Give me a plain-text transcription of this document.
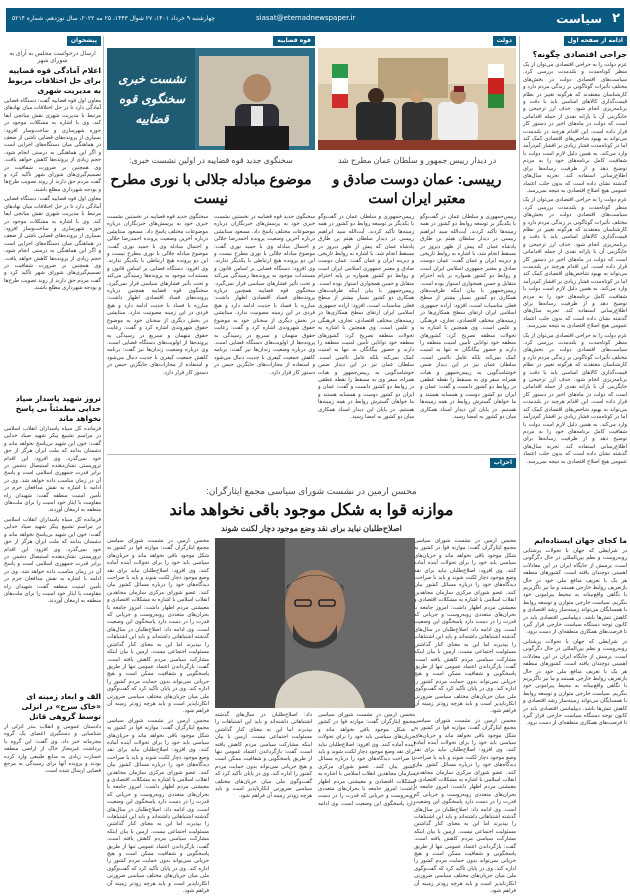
۲
سیاست
siasat@etemadnewspaper.ir
چهارشنبه ۹ خرداد ۱۴۰۱، ۲۷ شوال ۱۴۴۳، ۲۵ مه ۲۰۲۲، سال نوزدهم، شماره ۵۲۱۴
ادامه از صفحه اول
جراحی اقتصادی چگونه؟

عزم دولت را به جراحی اقتصادی می‌توان از یک منظر کوتاه‌مدت و بلندمدت بررسی کرد. سیاست‌های اقتصادی دولت در بخش‌های مختلف تأثیرات گوناگونی بر زندگی مردم دارد و کارشناسان معتقدند که هرگونه تغییر در نظام قیمت‌گذاری کالاهای اساسی باید با دقت و برنامه‌ریزی انجام شود. حذف ارز ترجیحی و جایگزینی آن با یارانه نقدی از جمله اقداماتی است که دولت در ماه‌های اخیر در دستور کار قرار داده است. این اقدام هرچند در بلندمدت می‌تواند به بهبود شاخص‌های اقتصادی کمک کند اما در کوتاه‌مدت فشار زیادی بر اقشار کم‌درآمد وارد می‌کند. به همین دلیل لازم است دولت با شفافیت کامل برنامه‌های خود را به مردم توضیح دهد و از ظرفیت رسانه‌ها برای اطلاع‌رسانی استفاده کند. تجربه سال‌های گذشته نشان داده است که بدون جلب اعتماد عمومی هیچ اصلاح اقتصادی به نتیجه نمی‌رسد.

عزم دولت را به جراحی اقتصادی می‌توان از یک منظر کوتاه‌مدت و بلندمدت بررسی کرد. سیاست‌های اقتصادی دولت در بخش‌های مختلف تأثیرات گوناگونی بر زندگی مردم دارد و کارشناسان معتقدند که هرگونه تغییر در نظام قیمت‌گذاری کالاهای اساسی باید با دقت و برنامه‌ریزی انجام شود. حذف ارز ترجیحی و جایگزینی آن با یارانه نقدی از جمله اقداماتی است که دولت در ماه‌های اخیر در دستور کار قرار داده است. این اقدام هرچند در بلندمدت می‌تواند به بهبود شاخص‌های اقتصادی کمک کند اما در کوتاه‌مدت فشار زیادی بر اقشار کم‌درآمد وارد می‌کند. به همین دلیل لازم است دولت با شفافیت کامل برنامه‌های خود را به مردم توضیح دهد و از ظرفیت رسانه‌ها برای اطلاع‌رسانی استفاده کند. تجربه سال‌های گذشته نشان داده است که بدون جلب اعتماد عمومی هیچ اصلاح اقتصادی به نتیجه نمی‌رسد.

عزم دولت را به جراحی اقتصادی می‌توان از یک منظر کوتاه‌مدت و بلندمدت بررسی کرد. سیاست‌های اقتصادی دولت در بخش‌های مختلف تأثیرات گوناگونی بر زندگی مردم دارد و کارشناسان معتقدند که هرگونه تغییر در نظام قیمت‌گذاری کالاهای اساسی باید با دقت و برنامه‌ریزی انجام شود. حذف ارز ترجیحی و جایگزینی آن با یارانه نقدی از جمله اقداماتی است که دولت در ماه‌های اخیر در دستور کار قرار داده است. این اقدام هرچند در بلندمدت می‌تواند به بهبود شاخص‌های اقتصادی کمک کند اما در کوتاه‌مدت فشار زیادی بر اقشار کم‌درآمد وارد می‌کند. به همین دلیل لازم است دولت با شفافیت کامل برنامه‌های خود را به مردم توضیح دهد و از ظرفیت رسانه‌ها برای اطلاع‌رسانی استفاده کند. تجربه سال‌های گذشته نشان داده است که بدون جلب اعتماد عمومی هیچ اصلاح اقتصادی به نتیجه نمی‌رسد.

ما کجای جهان ایستاده‌ایم

در شرایطی که جهان با تحولات پرشتابی روبه‌روست و نظم بین‌المللی در حال دگرگونی است، پرسش از جایگاه ایران در این معادلات اهمیتی دوچندان یافته است. کشورهای منطقه هر یک با تعریف منافع ملی خود در حال بازتعریف روابط خارجی هستند و ما نیز ناگزیریم با نگاهی واقع‌بینانه به محیط پیرامونی خود بنگریم. سیاست خارجی متوازن و توسعه روابط با همسایگان می‌تواند زمینه‌ساز رشد اقتصادی و کاهش تنش‌ها باشد. دیپلماسی اقتصادی باید در کانون توجه دستگاه سیاست خارجی قرار گیرد تا فرصت‌های همکاری منطقه‌ای از دست نرود.

در شرایطی که جهان با تحولات پرشتابی روبه‌روست و نظم بین‌المللی در حال دگرگونی است، پرسش از جایگاه ایران در این معادلات اهمیتی دوچندان یافته است. کشورهای منطقه هر یک با تعریف منافع ملی خود در حال بازتعریف روابط خارجی هستند و ما نیز ناگزیریم با نگاهی واقع‌بینانه به محیط پیرامونی خود بنگریم. سیاست خارجی متوازن و توسعه روابط با همسایگان می‌تواند زمینه‌ساز رشد اقتصادی و کاهش تنش‌ها باشد. دیپلماسی اقتصادی باید در کانون توجه دستگاه سیاست خارجی قرار گیرد تا فرصت‌های همکاری منطقه‌ای از دست نرود.

دولت
در دیدار رییس جمهور و سلطان عمان مطرح شد
رییسی: عمان دوست صادق و معتبر ایران است

رییس‌جمهوری و سلطان عمان در گفت‌وگو با یکدیگر بر توسعه روابط دو کشور در همه زمینه‌ها تأکید کردند. آیت‌الله سید ابراهیم رییسی در دیدار سلطان هیثم بن طارق پادشاه عمان که پیش از ظهر دیروز در مسقط انجام شد، با اشاره به روابط تاریخی و دیرینه ایران و عمان گفت: عمان دوست صادق و معتبر جمهوری اسلامی ایران است و روابط دو کشور همواره بر پایه احترام متقابل و حسن همجواری استوار بوده است. رییس‌جمهور با بیان اینکه ظرفیت‌های همکاری دو کشور بسیار بیشتر از سطح فعلی مناسبات است، افزود: اراده جمهوری اسلامی ایران ارتقای سطح همکاری‌ها در زمینه‌های مختلف اقتصادی، تجاری، فرهنگی و علمی است. وی همچنین با اشاره به تحولات منطقه تصریح کرد: کشورهای منطقه خود توانایی تأمین امنیت منطقه را دارند و حضور بیگانگان نه تنها به امنیت کمک نمی‌کند بلکه عامل ناامنی است. سلطان عمان نیز در این دیدار ضمن خوشامدگویی به رییس‌جمهور و هیات همراه، سفر وی به مسقط را نقطه عطفی در روابط دو کشور دانست و گفت: عمان و ایران دو کشور دوست و همسایه هستند و ما خواهان گسترش روابط در همه زمینه‌ها هستیم. در پایان این دیدار اسناد همکاری میان دو کشور به امضا رسید.

رییس‌جمهوری و سلطان عمان در گفت‌وگو با یکدیگر بر توسعه روابط دو کشور در همه زمینه‌ها تأکید کردند. آیت‌الله سید ابراهیم رییسی در دیدار سلطان هیثم بن طارق پادشاه عمان که پیش از ظهر دیروز در مسقط انجام شد، با اشاره به روابط تاریخی و دیرینه ایران و عمان گفت: عمان دوست صادق و معتبر جمهوری اسلامی ایران است و روابط دو کشور همواره بر پایه احترام متقابل و حسن همجواری استوار بوده است. رییس‌جمهور با بیان اینکه ظرفیت‌های همکاری دو کشور بسیار بیشتر از سطح فعلی مناسبات است، افزود: اراده جمهوری اسلامی ایران ارتقای سطح همکاری‌ها در زمینه‌های مختلف اقتصادی، تجاری، فرهنگی و علمی است. وی همچنین با اشاره به تحولات منطقه تصریح کرد: کشورهای منطقه خود توانایی تأمین امنیت منطقه را دارند و حضور بیگانگان نه تنها به امنیت کمک نمی‌کند بلکه عامل ناامنی است. سلطان عمان نیز در این دیدار ضمن خوشامدگویی به رییس‌جمهور و هیات همراه، سفر وی به مسقط را نقطه عطفی در روابط دو کشور دانست و گفت: عمان و ایران دو کشور دوست و همسایه هستند و ما خواهان گسترش روابط در همه زمینه‌ها هستیم. در پایان این دیدار اسناد همکاری میان دو کشور به امضا رسید.

قوه قضاییه
نشست خبری سخنگوی قوه قضاییه
سخنگوی جدید قوه قضاییه در اولین نشست خبری:
موضوع مبادله جلالی با نوری مطرح نیست

سخنگوی جدید قوه قضاییه در نخستین نشست خبری خود به پرسش‌های خبرنگاران درباره موضوعات مختلف پاسخ داد. مسعود ستایشی درباره آخرین وضعیت پرونده احمدرضا جلالی و احتمال مبادله وی با حمید نوری گفت: موضوع مبادله جلالی با نوری مطرح نیست و این دو پرونده هیچ ارتباطی با یکدیگر ندارند. وی افزود: دستگاه قضایی بر اساس قانون و مستندات موجود به پرونده‌ها رسیدگی می‌کند و تحت تأثیر فشارهای سیاسی قرار نمی‌گیرد. سخنگوی قوه قضاییه همچنین درباره پرونده‌های فساد اقتصادی اظهار داشت: مبارزه با فساد با جدیت ادامه دارد و هیچ فردی در این زمینه مصونیت ندارد. ستایشی در بخش دیگری از سخنان خود به موضوع حقوق شهروندی اشاره کرد و گفت: رعایت حقوق متهمان و تسریع در رسیدگی به پرونده‌ها از اولویت‌های دستگاه قضایی است. وی درباره وضعیت زندان‌ها نیز گفت: برنامه کاهش جمعیت کیفری با جدیت دنبال می‌شود و استفاده از مجازات‌های جایگزین حبس در دستور کار قرار دارد.

سخنگوی جدید قوه قضاییه در نخستین نشست خبری خود به پرسش‌های خبرنگاران درباره موضوعات مختلف پاسخ داد. مسعود ستایشی درباره آخرین وضعیت پرونده احمدرضا جلالی و احتمال مبادله وی با حمید نوری گفت: موضوع مبادله جلالی با نوری مطرح نیست و این دو پرونده هیچ ارتباطی با یکدیگر ندارند. وی افزود: دستگاه قضایی بر اساس قانون و مستندات موجود به پرونده‌ها رسیدگی می‌کند و تحت تأثیر فشارهای سیاسی قرار نمی‌گیرد. سخنگوی قوه قضاییه همچنین درباره پرونده‌های فساد اقتصادی اظهار داشت: مبارزه با فساد با جدیت ادامه دارد و هیچ فردی در این زمینه مصونیت ندارد. ستایشی در بخش دیگری از سخنان خود به موضوع حقوق شهروندی اشاره کرد و گفت: رعایت حقوق متهمان و تسریع در رسیدگی به پرونده‌ها از اولویت‌های دستگاه قضایی است. وی درباره وضعیت زندان‌ها نیز گفت: برنامه کاهش جمعیت کیفری با جدیت دنبال می‌شود و استفاده از مجازات‌های جایگزین حبس در دستور کار قرار دارد.

پیشخوان
ارسال درخواست مجلس به آرای به شورای شهر
اعلام آمادگی قوه قضاییه برای حل اختلافات مربوط به مدیریت شهری

معاون اول قوه قضاییه گفت: دستگاه قضایی آمادگی دارد تا در حل اختلافات میان نهادهای مرتبط با مدیریت شهری نقش میانجی ایفا کند. وی با اشاره به مشکلات موجود در حوزه شهرسازی و ساخت‌وساز افزود: بسیاری از پرونده‌های قضایی ناشی از ضعف در هماهنگی میان دستگاه‌های اجرایی است و اگر این هماهنگی به درستی انجام شود، حجم زیادی از پرونده‌ها کاهش خواهد یافت. وی همچنین بر ضرورت شفافیت در تصمیم‌گیری‌های شورای شهر تأکید کرد و گفت مردم حق دارند از روند تصویب طرح‌ها و بودجه شهرداری مطلع باشند.

معاون اول قوه قضاییه گفت: دستگاه قضایی آمادگی دارد تا در حل اختلافات میان نهادهای مرتبط با مدیریت شهری نقش میانجی ایفا کند. وی با اشاره به مشکلات موجود در حوزه شهرسازی و ساخت‌وساز افزود: بسیاری از پرونده‌های قضایی ناشی از ضعف در هماهنگی میان دستگاه‌های اجرایی است و اگر این هماهنگی به درستی انجام شود، حجم زیادی از پرونده‌ها کاهش خواهد یافت. وی همچنین بر ضرورت شفافیت در تصمیم‌گیری‌های شورای شهر تأکید کرد و گفت مردم حق دارند از روند تصویب طرح‌ها و بودجه شهرداری مطلع باشند.

تروز شهید پاسدار صیاد خدایی مطمئناً بی پاسخ نخواهد ماند

فرمانده کل سپاه پاسداران انقلاب اسلامی در مراسم تشییع پیکر شهید صیاد خدایی گفت: خون این شهید بی‌پاسخ نخواهد ماند و دشمنان بدانند که ملت ایران هرگز از حق خود نمی‌گذرد. وی افزود: این اقدام تروریستی نشان‌دهنده استیصال دشمن در برابر قدرت جمهوری اسلامی است و پاسخ آن در زمان مناسب داده خواهد شد. وی در ادامه با اشاره به نقش مدافعان حرم در تأمین امنیت منطقه گفت: شهیدان راه مقاومت با ایثار خود امنیت را برای ملت‌های منطقه به ارمغان آوردند.

فرمانده کل سپاه پاسداران انقلاب اسلامی در مراسم تشییع پیکر شهید صیاد خدایی گفت: خون این شهید بی‌پاسخ نخواهد ماند و دشمنان بدانند که ملت ایران هرگز از حق خود نمی‌گذرد. وی افزود: این اقدام تروریستی نشان‌دهنده استیصال دشمن در برابر قدرت جمهوری اسلامی است و پاسخ آن در زمان مناسب داده خواهد شد. وی در ادامه با اشاره به نقش مدافعان حرم در تأمین امنیت منطقه گفت: شهیدان راه مقاومت با ایثار خود امنیت را برای ملت‌های منطقه به ارمغان آوردند.

الف و ابعاد زمینه ای «خاک سرخ» در انزلی توسط گروهی قاتل

دادستان عمومی و انقلاب بندر انزلی از شناسایی و دستگیری اعضای یک گروه مجرمانه خبر داد. وی گفت: این گروه با برداشت غیرمجاز خاک از اراضی منطقه خسارت زیادی به منابع طبیعی وارد کرده بودند و پرونده آنها برای رسیدگی به مرجع قضایی ارسال شده است.

احزاب
محسن ارمین در نشست شورای سیاسی مجمع ایثارگران:
موازنه قوا به شکل موجود باقی نخواهد ماند
اصلاح‌طلبان نباید برای نقد وضع موجود دچار لکنت شوند

محسن ارمین در نشست شورای سیاسی مجمع ایثارگران گفت: موازنه قوا در کشور به شکل موجود باقی نخواهد ماند و جریان‌های سیاسی باید خود را برای تحولات آینده آماده کنند. وی افزود: اصلاح‌طلبان نباید برای نقد وضع موجود دچار لکنت شوند و باید با صراحت دیدگاه‌های خود را درباره مسائل کشور بیان کنند. عضو شورای مرکزی سازمان مجاهدین انقلاب اسلامی با اشاره به مشکلات اقتصادی و معیشتی مردم اظهار داشت: امروز جامعه با بحران‌های متعددی روبه‌روست و جریانی که قدرت را در دست دارد پاسخگوی این وضعیت است. وی ادامه داد: اصلاح‌طلبان در سال‌های گذشته اشتباهاتی داشته‌اند و باید این اشتباهات را بپذیرند اما این به معنای کنار گذاشتن مسئولیت اجتماعی نیست. ارمین با بیان اینکه مشارکت سیاسی مردم کاهش یافته است، گفت: بازگرداندن اعتماد عمومی تنها از طریق پاسخگویی و شفافیت ممکن است و هیچ جریانی نمی‌تواند بدون حمایت مردم کشور را اداره کند. وی در پایان تأکید کرد که گفت‌وگوی ملی میان جریان‌های مختلف سیاسی ضرورتی انکارناپذیر است و باید هرچه زودتر زمینه آن فراهم شود.

محسن ارمین در نشست شورای سیاسی مجمع ایثارگران گفت: موازنه قوا در کشور به شکل موجود باقی نخواهد ماند و جریان‌های سیاسی باید خود را برای تحولات آینده آماده کنند. وی افزود: اصلاح‌طلبان نباید برای نقد وضع موجود دچار لکنت شوند و باید با صراحت دیدگاه‌های خود را درباره مسائل کشور بیان کنند. عضو شورای مرکزی سازمان مجاهدین انقلاب اسلامی با اشاره به مشکلات اقتصادی و معیشتی مردم اظهار داشت: امروز جامعه با بحران‌های متعددی روبه‌روست و جریانی که قدرت را در دست دارد پاسخگوی این وضعیت است. وی ادامه داد: اصلاح‌طلبان در سال‌های گذشته اشتباهاتی داشته‌اند و باید این اشتباهات را بپذیرند اما این به معنای کنار گذاشتن مسئولیت اجتماعی نیست. ارمین با بیان اینکه مشارکت سیاسی مردم کاهش یافته است، گفت: بازگرداندن اعتماد عمومی تنها از طریق پاسخگویی و شفافیت ممکن است و هیچ جریانی نمی‌تواند بدون حمایت مردم کشور را اداره کند. وی در پایان تأکید کرد که گفت‌وگوی ملی میان جریان‌های مختلف سیاسی ضرورتی انکارناپذیر است و باید هرچه زودتر زمینه آن فراهم شود.

محسن ارمین در نشست شورای سیاسی مجمع ایثارگران گفت: موازنه قوا در کشور به شکل موجود باقی نخواهد ماند و جریان‌های سیاسی باید خود را برای تحولات آینده آماده کنند. وی افزود: اصلاح‌طلبان نباید برای نقد وضع موجود دچار لکنت شوند و باید با صراحت دیدگاه‌های خود را درباره مسائل کشور بیان کنند. عضو شورای مرکزی سازمان مجاهدین انقلاب اسلامی با اشاره به مشکلات اقتصادی و معیشتی مردم اظهار داشت: امروز جامعه با بحران‌های متعددی روبه‌روست و جریانی که قدرت را در دست دارد پاسخگوی این وضعیت است. وی ادامه داد: اصلاح‌طلبان در سال‌های گذشته اشتباهاتی داشته‌اند و باید این اشتباهات را بپذیرند اما این به معنای کنار گذاشتن مسئولیت اجتماعی نیست. ارمین با بیان اینکه مشارکت سیاسی مردم کاهش یافته است، گفت: بازگرداندن اعتماد عمومی تنها از طریق پاسخگویی و شفافیت ممکن است و هیچ جریانی نمی‌تواند بدون حمایت مردم کشور را اداره کند. وی در پایان تأکید کرد که گفت‌وگوی ملی میان جریان‌های مختلف سیاسی ضرورتی انکارناپذیر است و باید هرچه زودتر زمینه آن فراهم شود.

محسن ارمین در نشست شورای سیاسی مجمع ایثارگران گفت: موازنه قوا در کشور به شکل موجود باقی نخواهد ماند و جریان‌های سیاسی باید خود را برای تحولات آینده آماده کنند. وی افزود: اصلاح‌طلبان نباید برای نقد وضع موجود دچار لکنت شوند و باید با صراحت دیدگاه‌های خود را درباره مسائل کشور بیان کنند. عضو شورای مرکزی سازمان مجاهدین انقلاب اسلامی با اشاره به مشکلات اقتصادی و معیشتی مردم اظهار داشت: امروز جامعه با بحران‌های متعددی روبه‌روست و جریانی که قدرت را در دست دارد پاسخگوی این وضعیت است. وی ادامه داد: اصلاح‌طلبان در سال‌های گذشته اشتباهاتی داشته‌اند و باید این اشتباهات را بپذیرند اما این به معنای کنار گذاشتن مسئولیت اجتماعی نیست. ارمین با بیان اینکه مشارکت سیاسی مردم کاهش یافته است، گفت: بازگرداندن اعتماد عمومی تنها از طریق پاسخگویی و شفافیت ممکن است و هیچ جریانی نمی‌تواند بدون حمایت مردم کشور را اداره کند. وی در پایان تأکید کرد که گفت‌وگوی ملی میان جریان‌های مختلف سیاسی ضرورتی انکارناپذیر است و باید هرچه زودتر زمینه آن فراهم شود.

محسن ارمین در نشست شورای سیاسی مجمع ایثارگران گفت: موازنه قوا در کشور به شکل موجود باقی نخواهد ماند و جریان‌های سیاسی باید خود را برای تحولات آینده آماده کنند. وی افزود: اصلاح‌طلبان نباید برای نقد وضع موجود دچار لکنت شوند و باید با صراحت دیدگاه‌های خود را درباره مسائل کشور بیان کنند. عضو شورای مرکزی سازمان مجاهدین انقلاب اسلامی با اشاره به مشکلات اقتصادی و معیشتی مردم اظهار داشت: امروز جامعه با بحران‌های متعددی روبه‌روست و جریانی که قدرت را در دست دارد پاسخگوی این وضعیت است. وی ادامه داد: اصلاح‌طلبان در سال‌های گذشته اشتباهاتی داشته‌اند و باید این اشتباهات را بپذیرند اما این به معنای کنار گذاشتن مسئولیت اجتماعی نیست. ارمین با بیان اینکه مشارکت سیاسی مردم کاهش یافته است، گفت: بازگرداندن اعتماد عمومی تنها از طریق پاسخگویی و شفافیت ممکن است و هیچ جریانی نمی‌تواند بدون حمایت مردم کشور را اداره کند. وی در پایان تأکید کرد که گفت‌وگوی ملی میان جریان‌های مختلف سیاسی ضرورتی انکارناپذیر است و باید هرچه زودتر زمینه آن فراهم شود.
